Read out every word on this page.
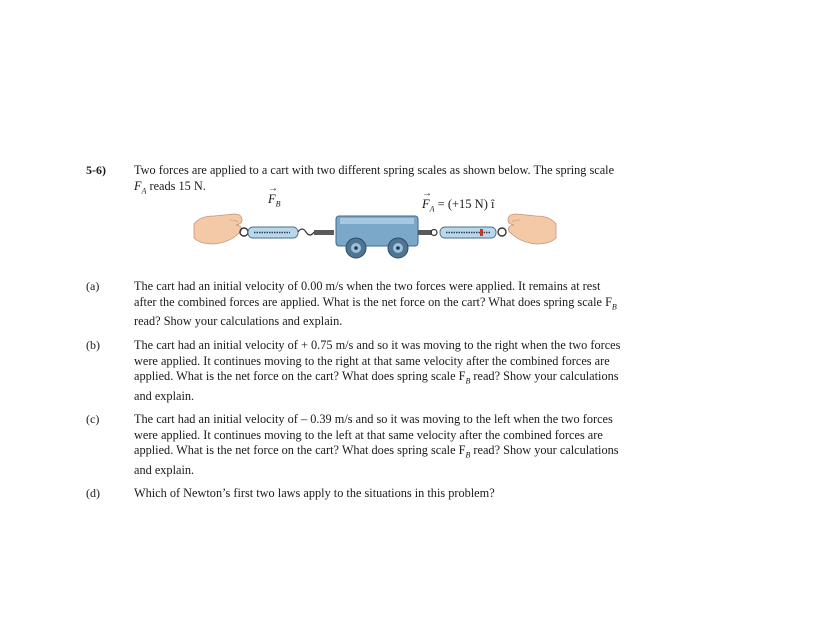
5-6) Two forces are applied to a cart with two different spring scales as shown below. The spring scale
$F_A$ reads 15 N.	→
$F_B$
→
$F_A = (+15$ N) î
(a)	The cart had an initial velocity of 0.00 m/s when the two forces were applied. It remains at rest
after the combined forces are applied. What is the net force on the cart? What does spring scale $F_B$
read? Show your calculations and explain.
(b)	The cart had an initial velocity of + 0.75 m/s and so it was moving to the right when the two forces
were applied. It continues moving to the right at that same velocity after the combined forces are
applied. What is the net force on the cart? What does spring scale $F_B$ read? Show your calculations
and explain.
(c)	The cart had an initial velocity of – 0.39 m/s and so it was moving to the left when the two forces
were applied. It continues moving to the left at that same velocity after the combined forces are
applied. What is the net force on the cart? What does spring scale $F_B$ read? Show your calculations
and explain.
(d)	Which of Newton’s first two laws apply to the situations in this problem?
